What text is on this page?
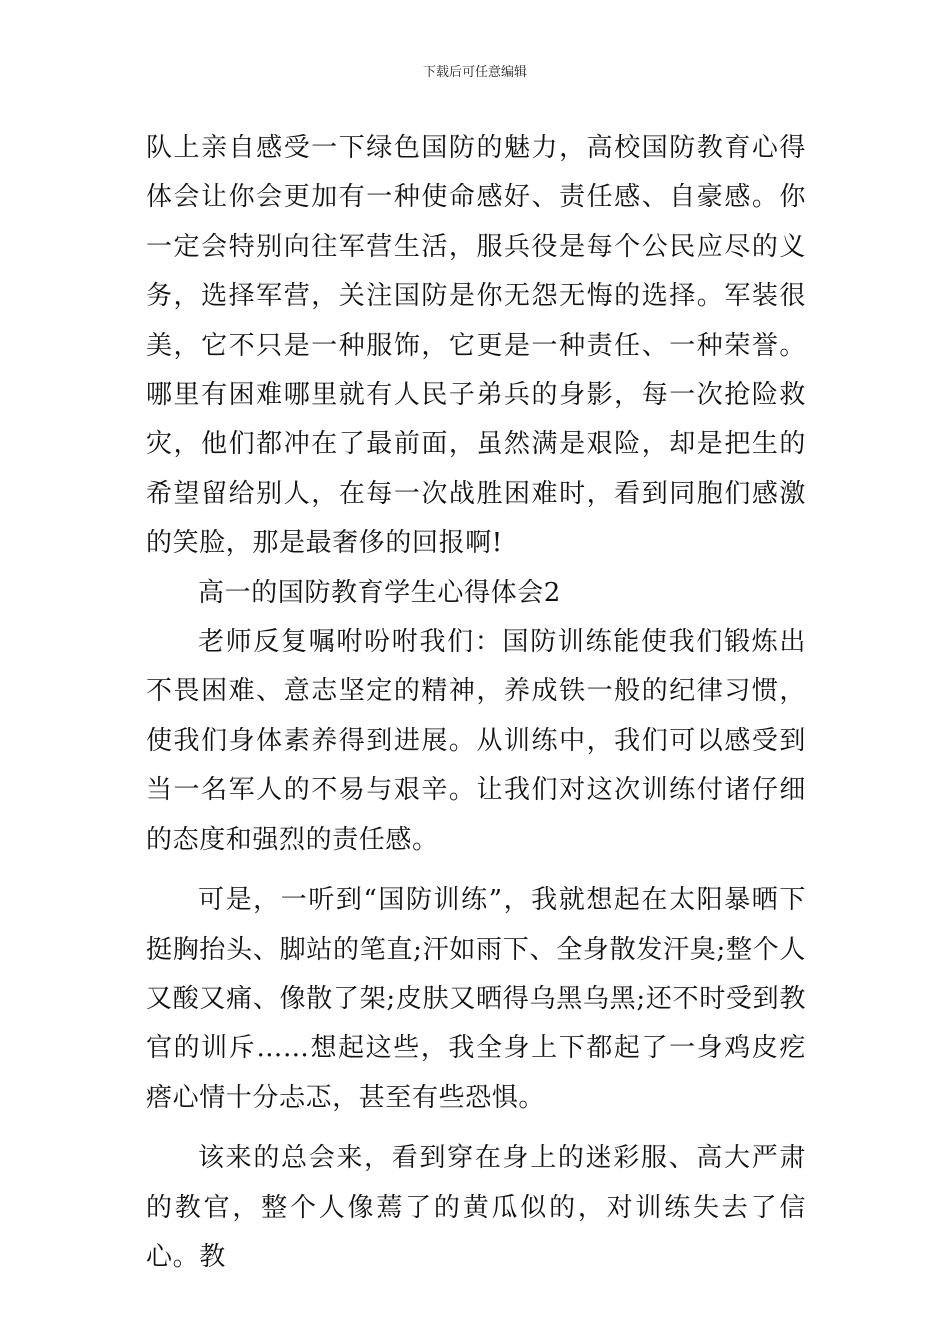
下载后可任意编辑

队上亲自感受一下绿色国防的魅力，高校国防教育心得体会让你会更加有一种使命感好、责任感、自豪感。你一定会特别向往军营生活，服兵役是每个公民应尽的义务，选择军营，关注国防是你无怨无悔的选择。军装很美，它不只是一种服饰，它更是一种责任、一种荣誉。哪里有困难哪里就有人民子弟兵的身影，每一次抢险救灾，他们都冲在了最前面，虽然满是艰险，却是把生的希望留给别人，在每一次战胜困难时，看到同胞们感激的笑脸，那是最奢侈的回报啊!

高一的国防教育学生心得体会2

老师反复嘱咐吩咐我们：国防训练能使我们锻炼出不畏困难、意志坚定的精神，养成铁一般的纪律习惯，使我们身体素养得到进展。从训练中，我们可以感受到当一名军人的不易与艰辛。让我们对这次训练付诸仔细的态度和强烈的责任感。

可是，一听到“国防训练”，我就想起在太阳暴晒下挺胸抬头、脚站的笔直;汗如雨下、全身散发汗臭;整个人又酸又痛、像散了架;皮肤又晒得乌黑乌黑;还不时受到教官的训斥……想起这些，我全身上下都起了一身鸡皮疙瘩心情十分忐忑，甚至有些恐惧。

该来的总会来，看到穿在身上的迷彩服、高大严肃的教官，整个人像蔫了的黄瓜似的，对训练失去了信心。教
